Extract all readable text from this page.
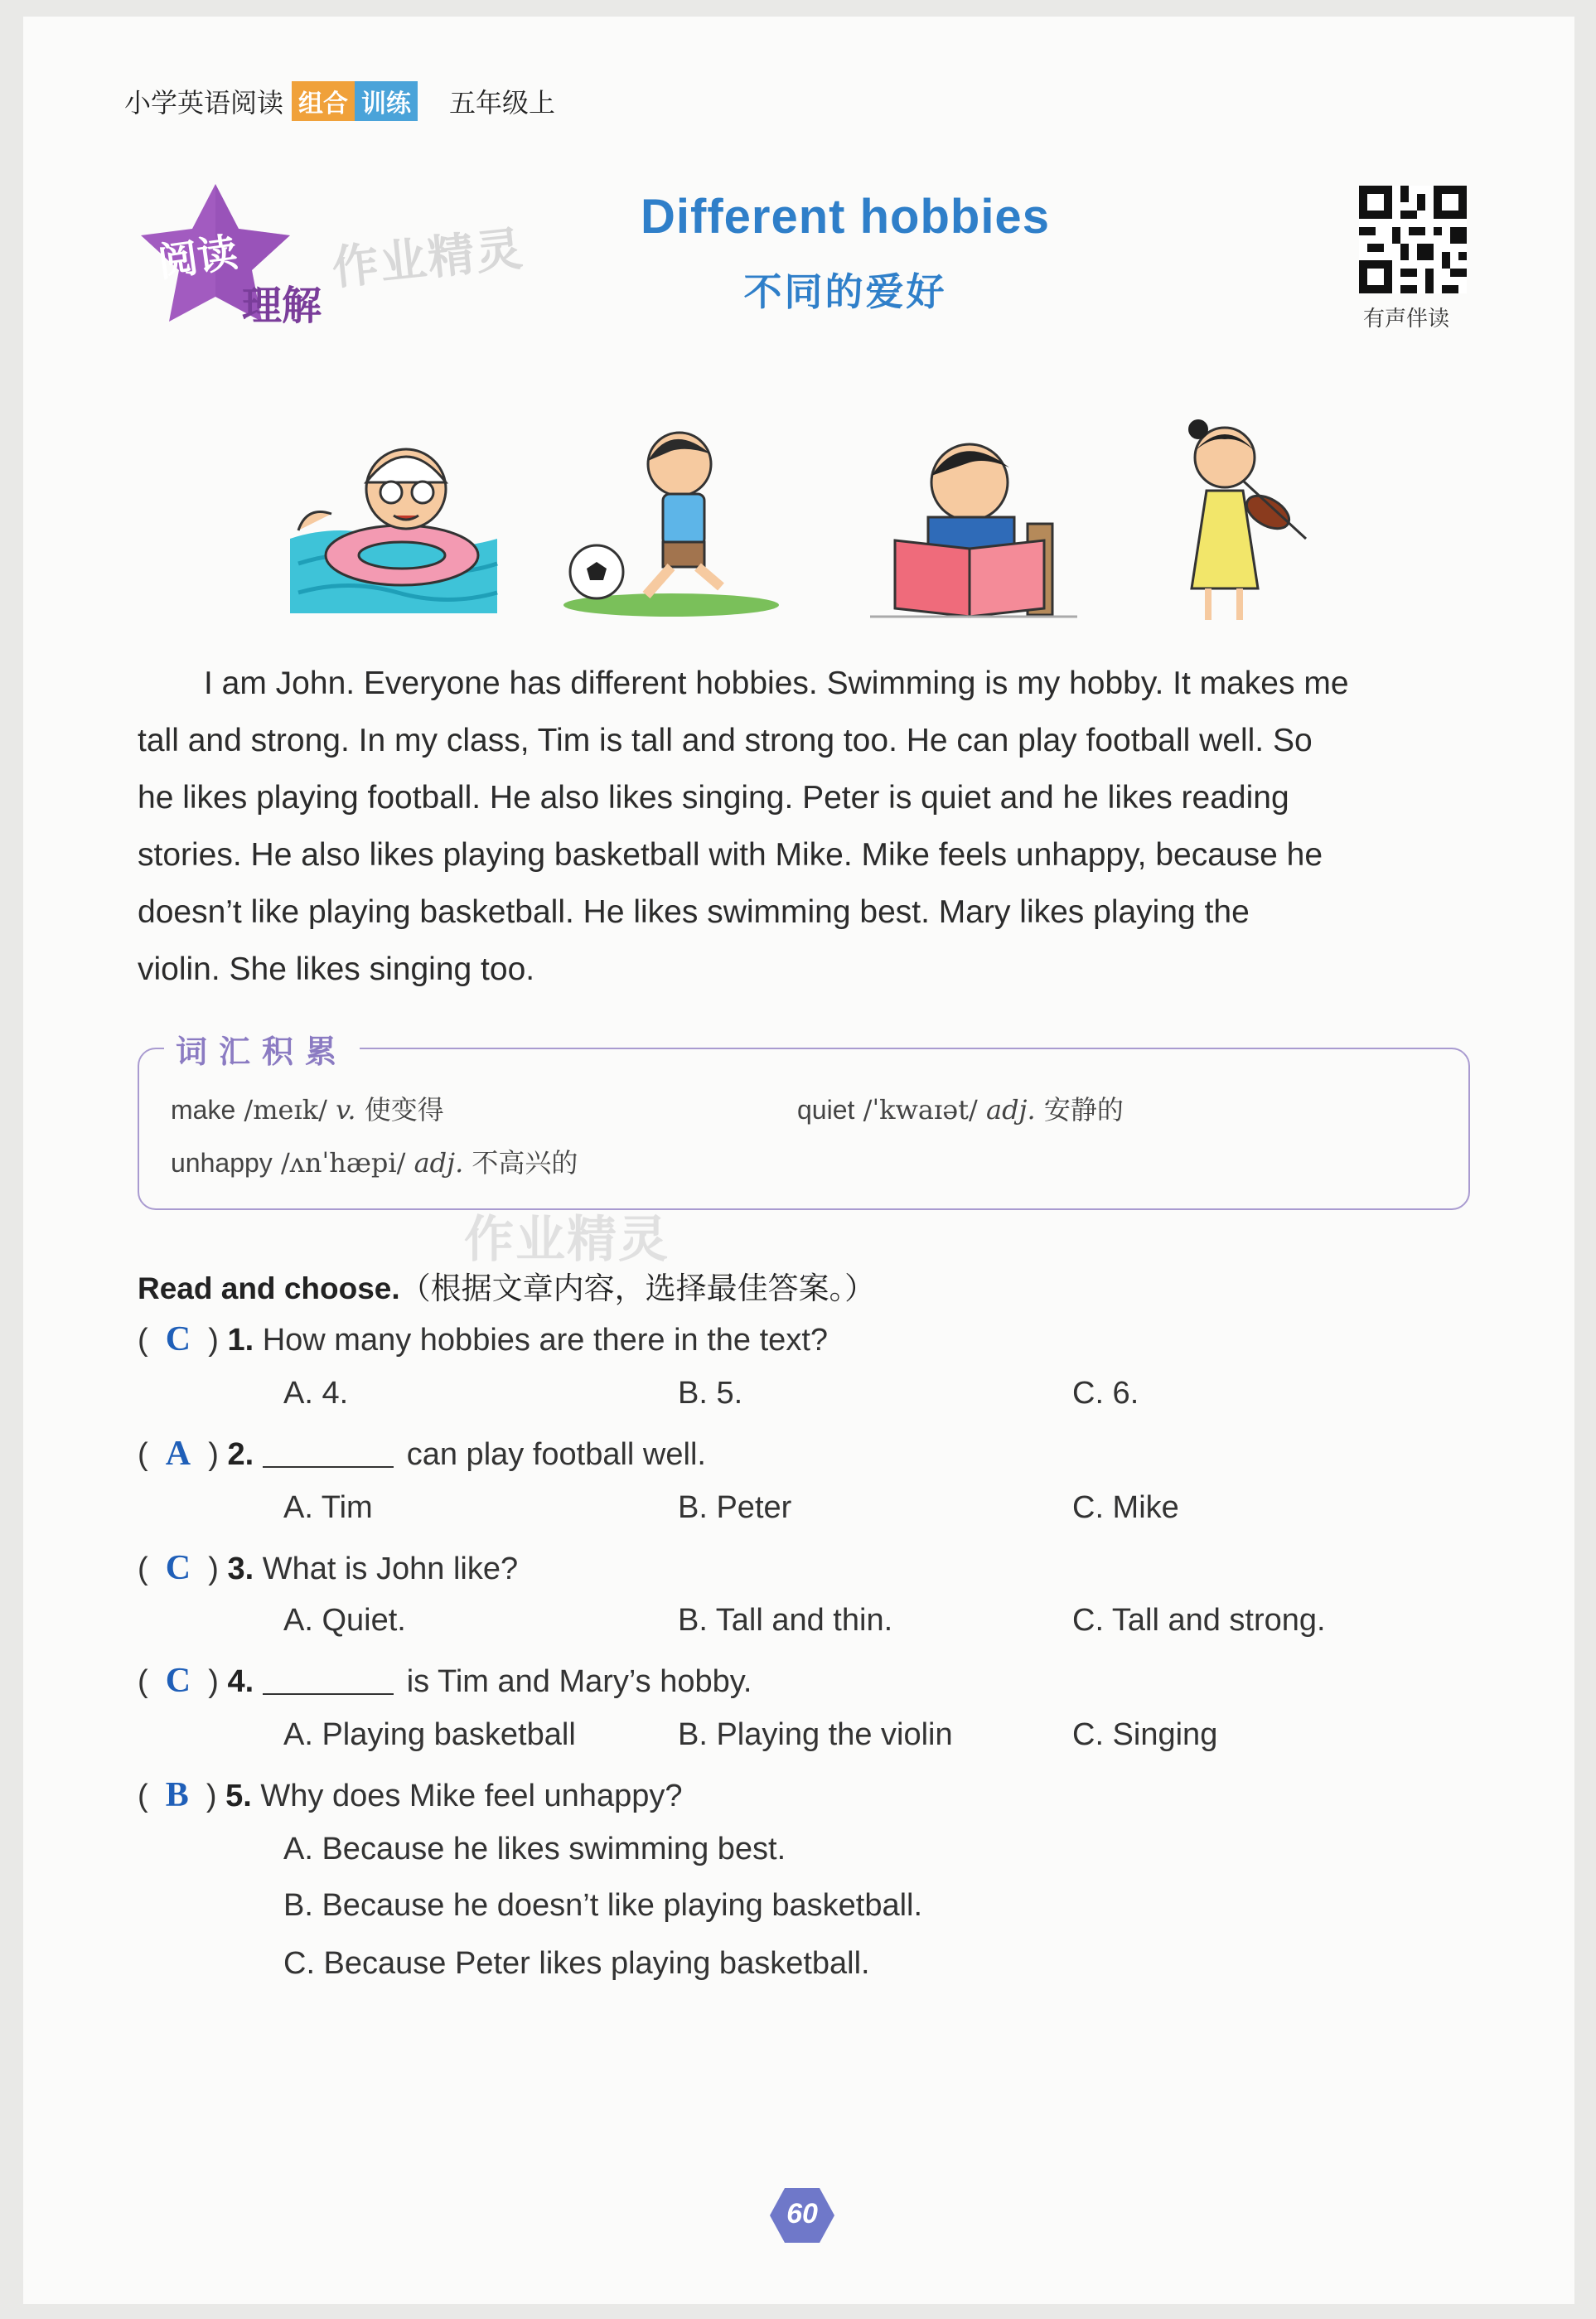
小学英语阅读 组合 训练 五年级上
阅读
理解
作业精灵
Different hobbies
不同的爱好
有声伴读

I am John. Everyone has different hobbies. Swimming is my hobby. It makes me

tall and strong. In my class, Tim is tall and strong too. He can play football well. So
he likes playing football. He also likes singing. Peter is quiet and he likes reading
stories. He also likes playing basketball with Mike. Mike feels unhappy, because he
doesn’t like playing basketball. He likes swimming best. Mary likes playing the
violin. She likes singing too.
词汇积累
make /meɪk/ v. 使变得	quiet /ˈkwaɪət/ adj. 安静的
unhappy /ʌnˈhæpi/ adj. 不高兴的
作业精灵
Read and choose.（根据文章内容，选择最佳答案。）
(  C  ) 1. How many hobbies are there in the text?
A. 4.	B. 5.	C. 6.
(  A  ) 2.	can play football well.
A. Tim	B. Peter	C. Mike
(  C  ) 3. What is John like?
A. Quiet.	B. Tall and thin.	C. Tall and strong.
(  C  ) 4.	is Tim and Mary’s hobby.
A. Playing basketball	B. Playing the violin	C. Singing
(  B  ) 5. Why does Mike feel unhappy?
A. Because he likes swimming best.
B. Because he doesn’t like playing basketball.
C. Because Peter likes playing basketball.
60
